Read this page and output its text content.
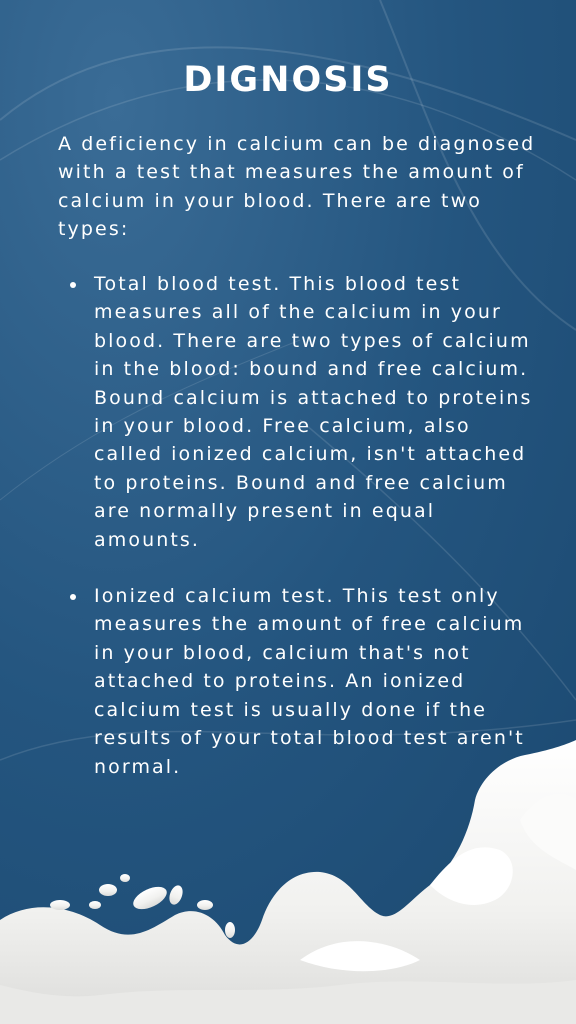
DIGNOSIS

A deficiency in calcium can be diagnosed with a test that measures the amount of calcium in your blood. There are two types:

Total blood test. This blood test measures all of the calcium in your blood. There are two types of calcium in the blood: bound and free calcium. Bound calcium is attached to proteins in your blood. Free calcium, also called ionized calcium, isn't attached to proteins. Bound and free calcium are normally present in equal amounts.
Ionized calcium test. This test only measures the amount of free calcium in your blood, calcium that's not attached to proteins. An ionized calcium test is usually done if the results of your total blood test aren't normal.
